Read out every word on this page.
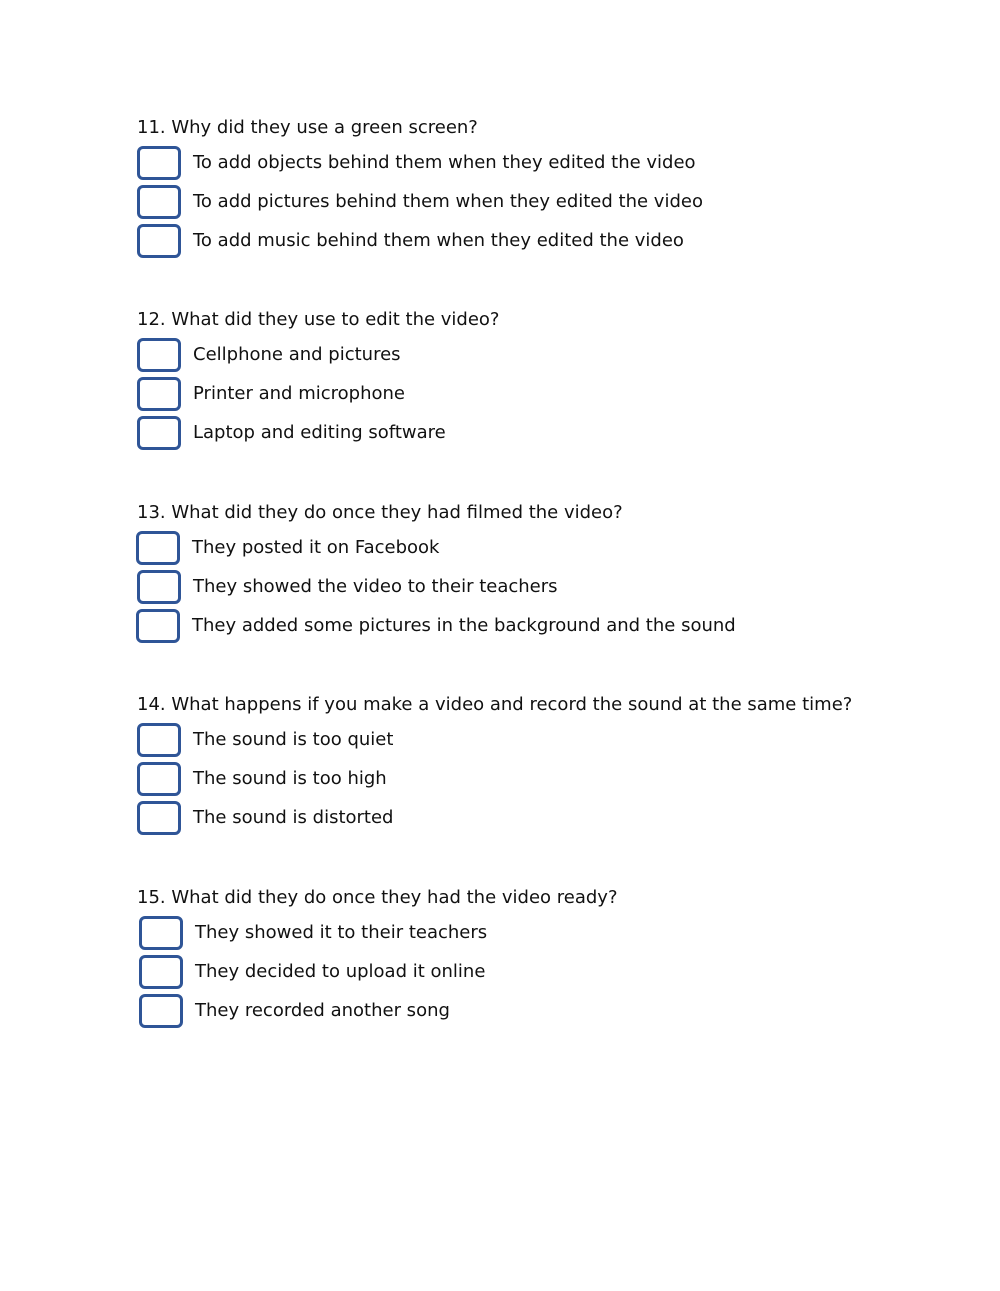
11. Why did they use a green screen?

To add objects behind them when they edited the video
To add pictures behind them when they edited the video
To add music behind them when they edited the video

12. What did they use to edit the video?

Cellphone and pictures
Printer and microphone
Laptop and editing software

13. What did they do once they had filmed the video?

They posted it on Facebook
They showed the video to their teachers
They added some pictures in the background and the sound

14. What happens if you make a video and record the sound at the same time?

The sound is too quiet
The sound is too high
The sound is distorted

15. What did they do once they had the video ready?

They showed it to their teachers
They decided to upload it online
They recorded another song
